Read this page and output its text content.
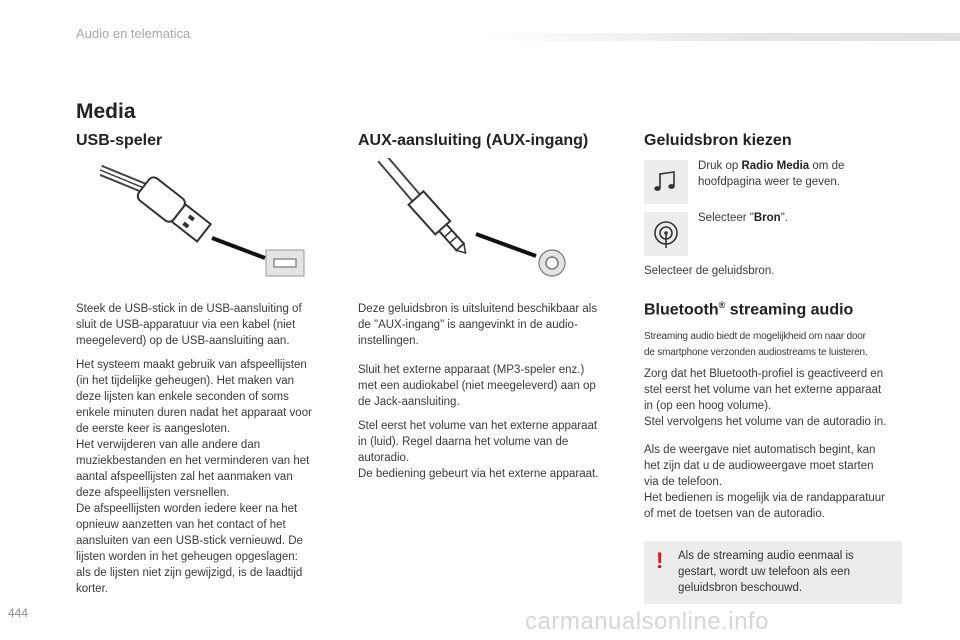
Audio en telematica
Media
USB-speler
Steek de USB-stick in de USB-aansluiting of
sluit de USB-apparatuur via een kabel (niet
meegeleverd) op de USB-aansluiting aan.
Het systeem maakt gebruik van afspeellijsten
(in het tijdelijke geheugen). Het maken van
deze lijsten kan enkele seconden of soms
enkele minuten duren nadat het apparaat voor
de eerste keer is aangesloten.
Het verwijderen van alle andere dan
muziekbestanden en het verminderen van het
aantal afspeellijsten zal het aanmaken van
deze afspeellijsten versnellen.
De afspeellijsten worden iedere keer na het
opnieuw aanzetten van het contact of het
aansluiten van een USB-stick vernieuwd. De
lijsten worden in het geheugen opgeslagen:
als de lijsten niet zijn gewijzigd, is de laadtijd
korter.
AUX-aansluiting (AUX-ingang)
Deze geluidsbron is uitsluitend beschikbaar als
de "AUX-ingang" is aangevinkt in de audio-
instellingen.
Sluit het externe apparaat (MP3-speler enz.)
met een audiokabel (niet meegeleverd) aan op
de Jack-aansluiting.
Stel eerst het volume van het externe apparaat
in (luid). Regel daarna het volume van de
autoradio.
De bediening gebeurt via het externe apparaat.
Geluidsbron kiezen
Druk op Radio Media om de
hoofdpagina weer te geven.
Selecteer "Bron".
Selecteer de geluidsbron.
Bluetooth® streaming audio
Streaming audio biedt de mogelijkheid om naar door
de smartphone verzonden audiostreams te luisteren.
Zorg dat het Bluetooth-profiel is geactiveerd en
stel eerst het volume van het externe apparaat
in (op een hoog volume).
Stel vervolgens het volume van de autoradio in.
Als de weergave niet automatisch begint, kan
het zijn dat u de audioweergave moet starten
via de telefoon.
Het bedienen is mogelijk via de randapparatuur
of met de toetsen van de autoradio.
! Als de streaming audio eenmaal is
gestart, wordt uw telefoon als een
geluidsbron beschouwd.
444	carmanualsonline.info
